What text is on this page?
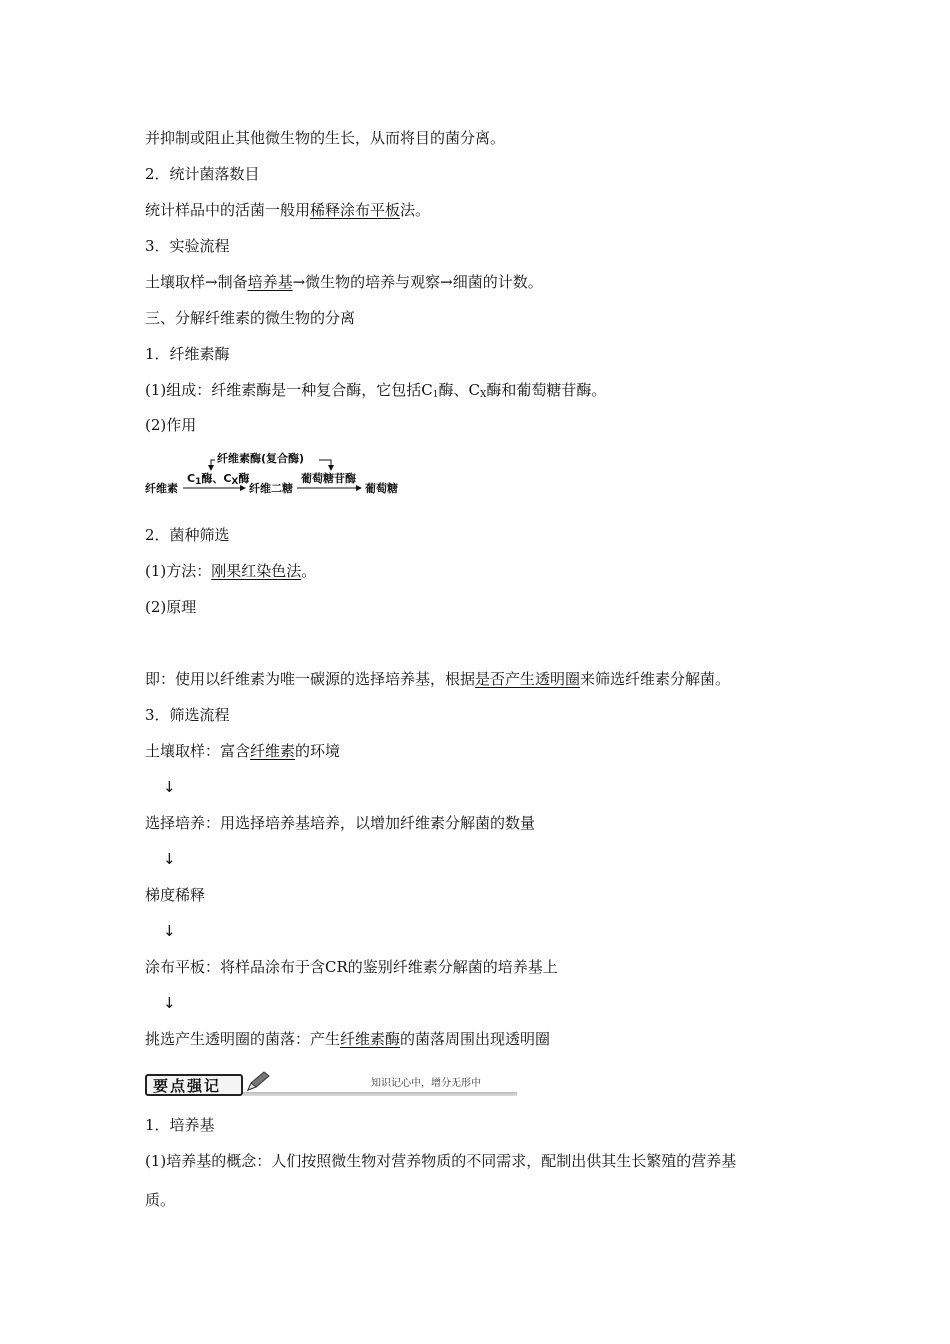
并抑制或阻止其他微生物的生长，从而将目的菌分离。
2．统计菌落数目
统计样品中的活菌一般用稀释涂布平板法。
3．实验流程
土壤取样→制备培养基→微生物的培养与观察→细菌的计数。
三、分解纤维素的微生物的分离
1．纤维素酶
(1)组成：纤维素酶是一种复合酶，它包括$C_1$酶、$C_X$酶和葡萄糖苷酶。
(2)作用
纤维素酶(复合酶)
纤维素
$C_1$酶、$C_X$酶
纤维二糖
葡萄糖苷酶
葡萄糖
2．菌种筛选
(1)方法：刚果红染色法。
(2)原理
即：使用以纤维素为唯一碳源的选择培养基，根据是否产生透明圈来筛选纤维素分解菌。
3．筛选流程
土壤取样：富含纤维素的环境
↓
选择培养：用选择培养基培养，以增加纤维素分解菌的数量
↓
梯度稀释
↓
涂布平板：将样品涂布于含CR的鉴别纤维素分解菌的培养基上
↓
挑选产生透明圈的菌落：产生纤维素酶的菌落周围出现透明圈
要点强记	知识记心中，增分无形中
1．培养基
(1)培养基的概念：人们按照微生物对营养物质的不同需求，配制出供其生长繁殖的营养基
质。
